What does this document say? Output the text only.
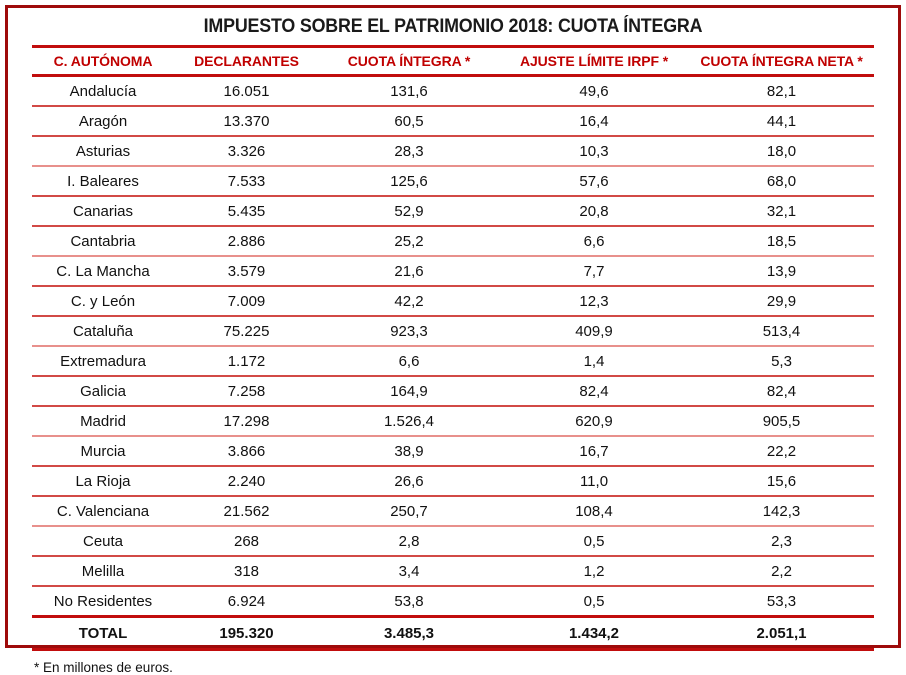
IMPUESTO SOBRE EL PATRIMONIO 2018: CUOTA ÍNTEGRA
C. AUTÓNOMA	DECLARANTES	CUOTA ÍNTEGRA *	AJUSTE LÍMITE IRPF *	CUOTA ÍNTEGRA NETA *
Andalucía	16.051	131,6	49,6	82,1
Aragón	13.370	60,5	16,4	44,1
Asturias	3.326	28,3	10,3	18,0
I. Baleares	7.533	125,6	57,6	68,0
Canarias	5.435	52,9	20,8	32,1
Cantabria	2.886	25,2	6,6	18,5
C. La Mancha	3.579	21,6	7,7	13,9
C. y León	7.009	42,2	12,3	29,9
Cataluña	75.225	923,3	409,9	513,4
Extremadura	1.172	6,6	1,4	5,3
Galicia	7.258	164,9	82,4	82,4
Madrid	17.298	1.526,4	620,9	905,5
Murcia	3.866	38,9	16,7	22,2
La Rioja	2.240	26,6	11,0	15,6
C. Valenciana	21.562	250,7	108,4	142,3
Ceuta	268	2,8	0,5	2,3
Melilla	318	3,4	1,2	2,2
No Residentes	6.924	53,8	0,5	53,3
TOTAL	195.320	3.485,3	1.434,2	2.051,1
* En millones de euros.
